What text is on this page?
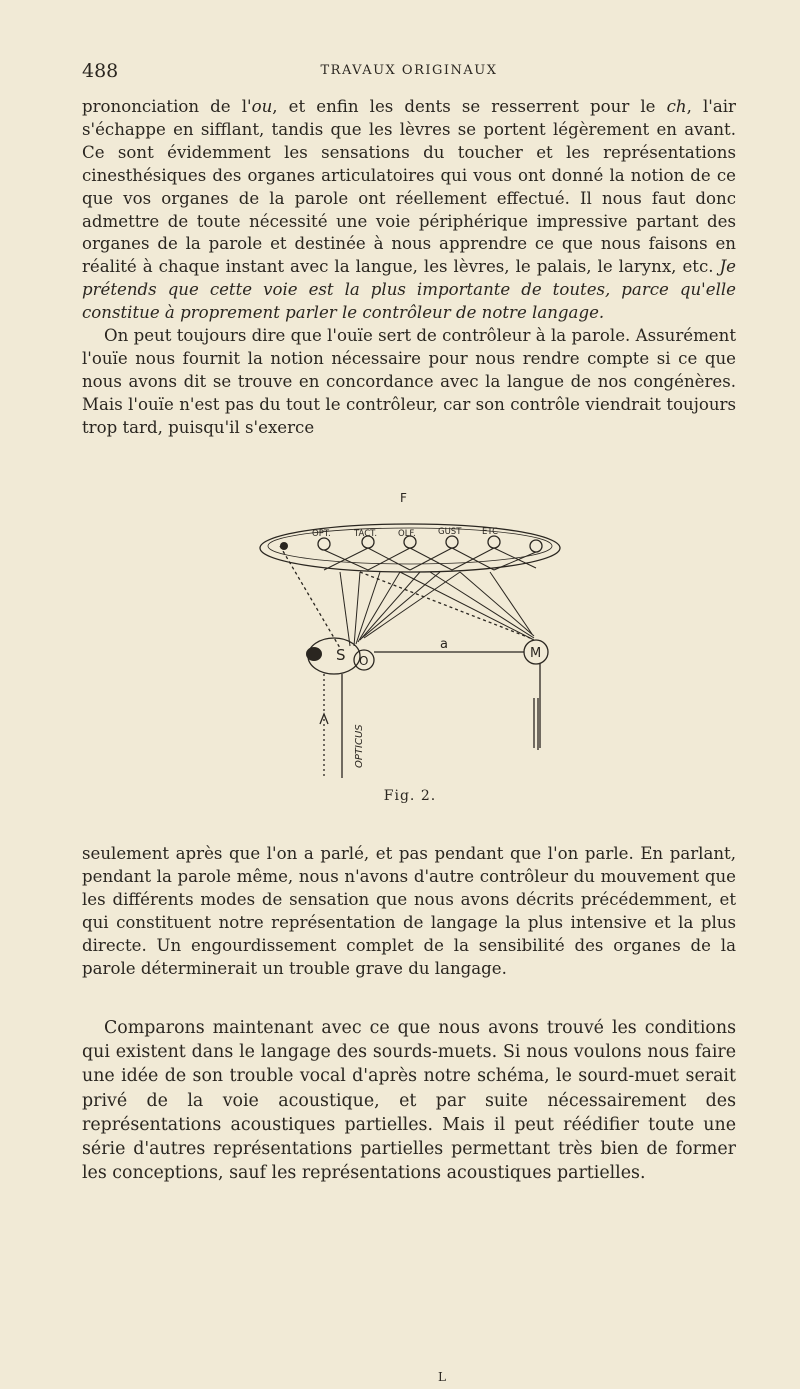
488	TRAVAUX ORIGINAUX

prononciation de l'ou, et enfin les dents se resserrent pour le ch, l'air s'échappe en sifflant, tandis que les lèvres se portent légèrement en avant. Ce sont évidemment les sensations du toucher et les représentations cinesthésiques des organes articulatoires qui vous ont donné la notion de ce que vos organes de la parole ont réellement effectué. Il nous faut donc admettre de toute nécessité une voie périphérique impressive partant des organes de la parole et destinée à nous apprendre ce que nous faisons en réalité à chaque instant avec la langue, les lèvres, le palais, le larynx, etc. Je prétends que cette voie est la plus importante de toutes, parce qu'elle constitue à proprement parler le contrôleur de notre langage.

On peut toujours dire que l'ouïe sert de contrôleur à la parole. Assurément l'ouïe nous fournit la notion nécessaire pour nous rendre compte si ce que nous avons dit se trouve en concordance avec la langue de nos congénères. Mais l'ouïe n'est pas du tout le contrôleur, car son contrôle viendrait toujours trop tard, puisqu'il s'exerce

F
OPT.	TACT. OLF.	GUST ETC
S O	M
a
OPTICUS
Fig. 2.
seulement après que l'on a parlé, et pas pendant que l'on parle. En parlant, pendant la parole même, nous n'avons d'autre contrôleur du mouvement que les différents modes de sensation que nous avons décrits précédemment, et qui constituent notre représentation de langage la plus intensive et la plus directe. Un engourdissement complet de la sensibilité des organes de la parole déterminerait un trouble grave du langage.
Comparons maintenant avec ce que nous avons trouvé les conditions qui existent dans le langage des sourds-muets. Si nous voulons nous faire une idée de son trouble vocal d'après notre schéma, le sourd-muet serait privé de la voie acoustique, et par suite nécessairement des représentations acoustiques partielles. Mais il peut réédifier toute une série d'autres représentations partielles permettant très bien de former les conceptions, sauf les représentations acoustiques partielles.
L
